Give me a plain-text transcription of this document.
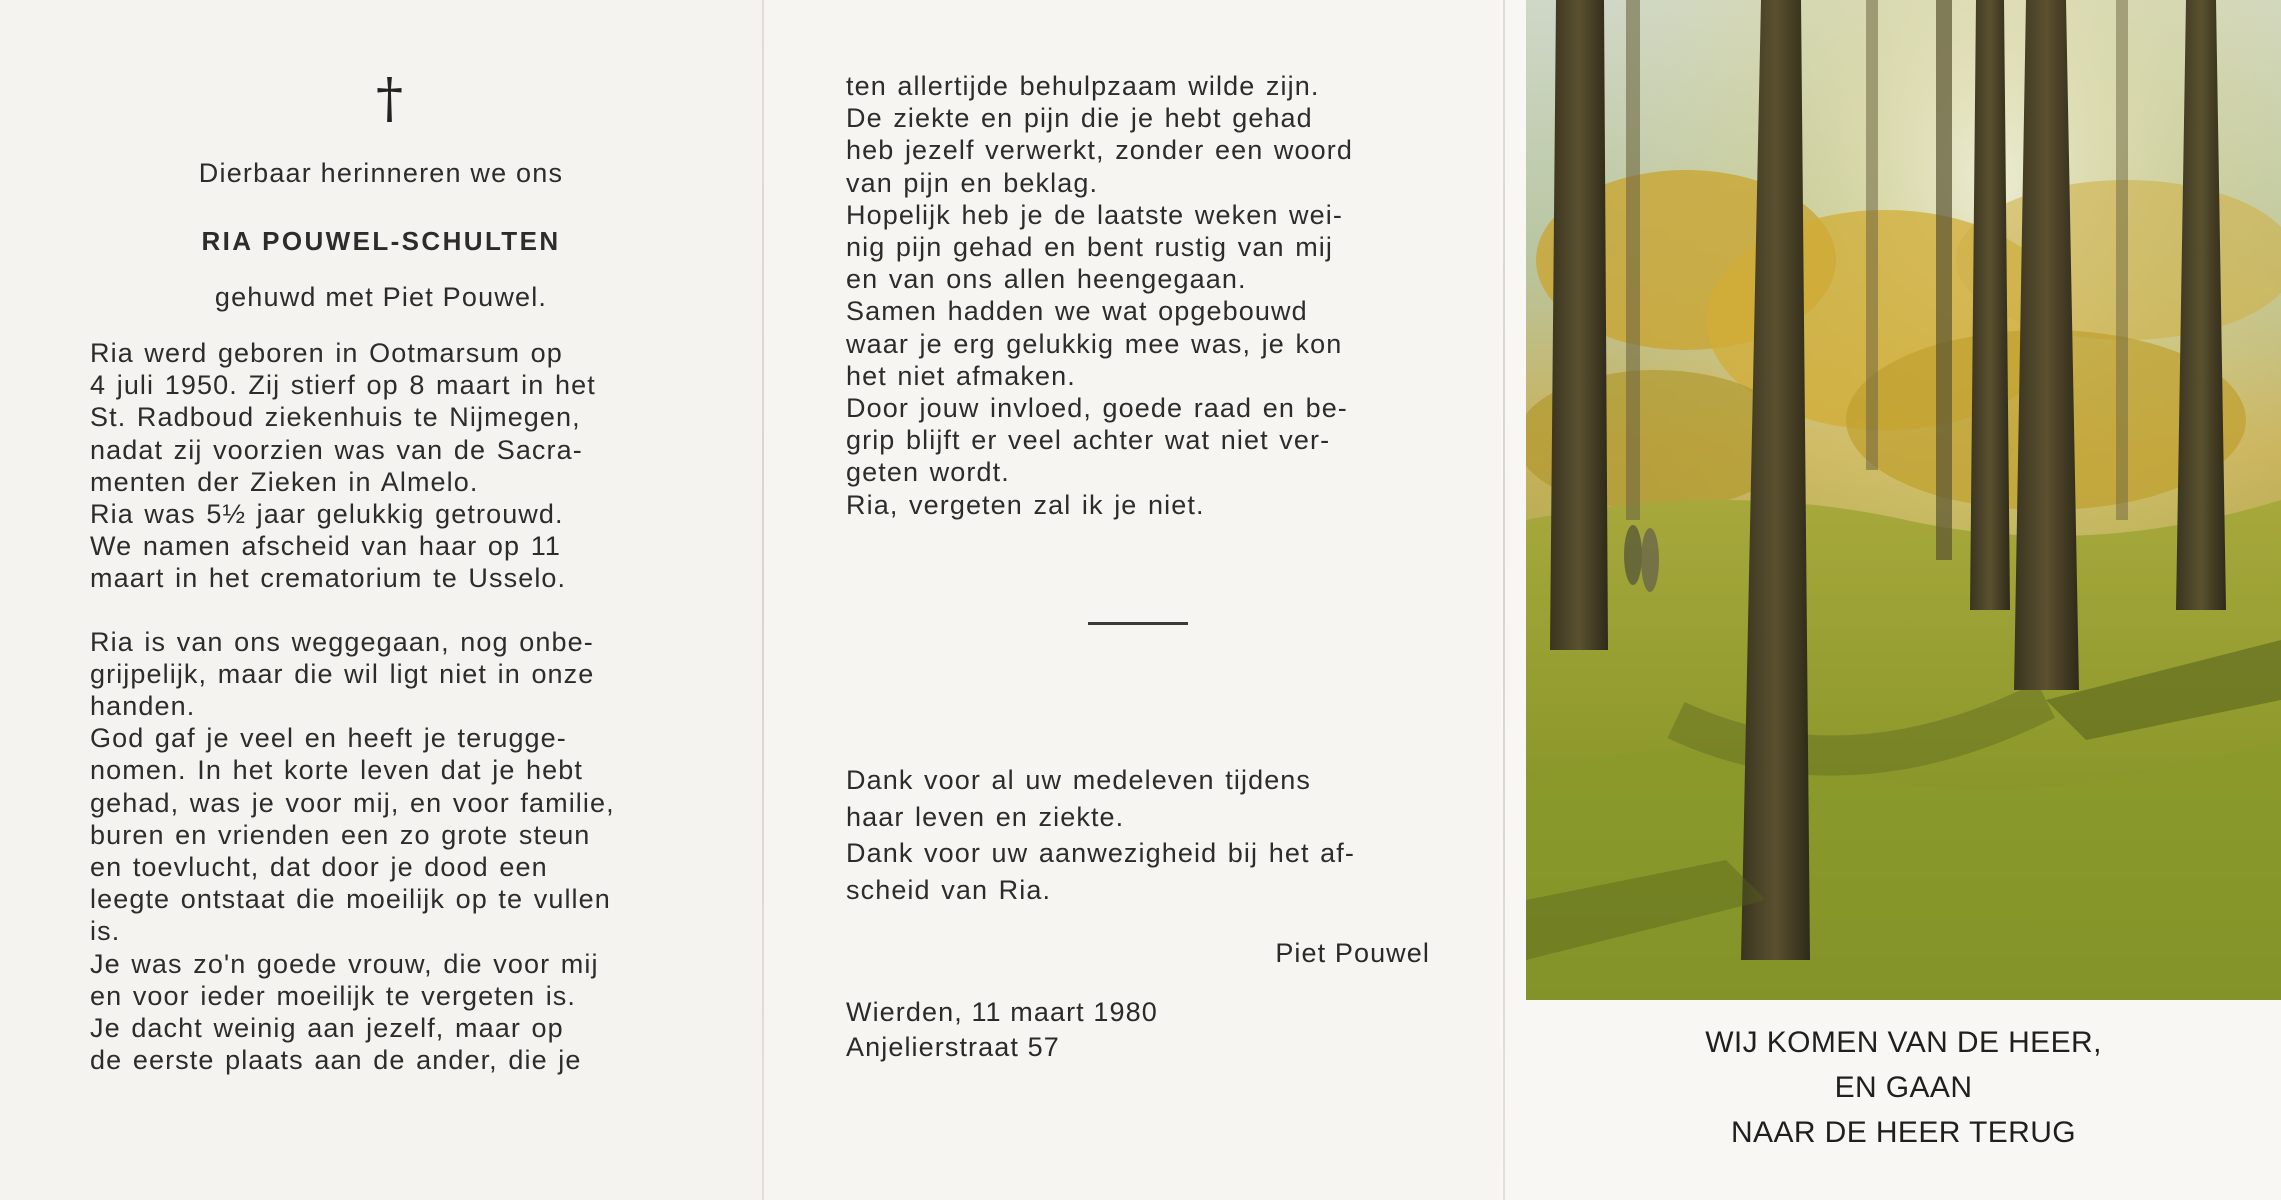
†
Dierbaar herinneren we ons
RIA POUWEL-SCHULTEN
gehuwd met Piet Pouwel.

Ria werd geboren in Ootmarsum op

4 juli 1950. Zij stierf op 8 maart in het

St. Radboud ziekenhuis te Nijmegen,

nadat zij voorzien was van de Sacra-

menten der Zieken in Almelo.

Ria was 5½ jaar gelukkig getrouwd.

We namen afscheid van haar op 11

maart in het crematorium te Usselo.

Ria is van ons weggegaan, nog onbe-

grijpelijk, maar die wil ligt niet in onze

handen.

God gaf je veel en heeft je terugge-

nomen. In het korte leven dat je hebt

gehad, was je voor mij, en voor familie,

buren en vrienden een zo grote steun

en toevlucht, dat door je dood een

leegte ontstaat die moeilijk op te vullen

is.

Je was zo'n goede vrouw, die voor mij

en voor ieder moeilijk te vergeten is.

Je dacht weinig aan jezelf, maar op

de eerste plaats aan de ander, die je

ten allertijde behulpzaam wilde zijn.

De ziekte en pijn die je hebt gehad

heb jezelf verwerkt, zonder een woord

van pijn en beklag.

Hopelijk heb je de laatste weken wei-

nig pijn gehad en bent rustig van mij

en van ons allen heengegaan.

Samen hadden we wat opgebouwd

waar je erg gelukkig mee was, je kon

het niet afmaken.

Door jouw invloed, goede raad en be-

grip blijft er veel achter wat niet ver-

geten wordt.

Ria, vergeten zal ik je niet.

Dank voor al uw medeleven tijdens

haar leven en ziekte.

Dank voor uw aanwezigheid bij het af-

scheid van Ria.

Piet Pouwel
Wierden, 11 maart 1980
Anjelierstraat 57	WIJ KOMEN VAN DE HEER,
EN GAAN
NAAR DE HEER TERUG
